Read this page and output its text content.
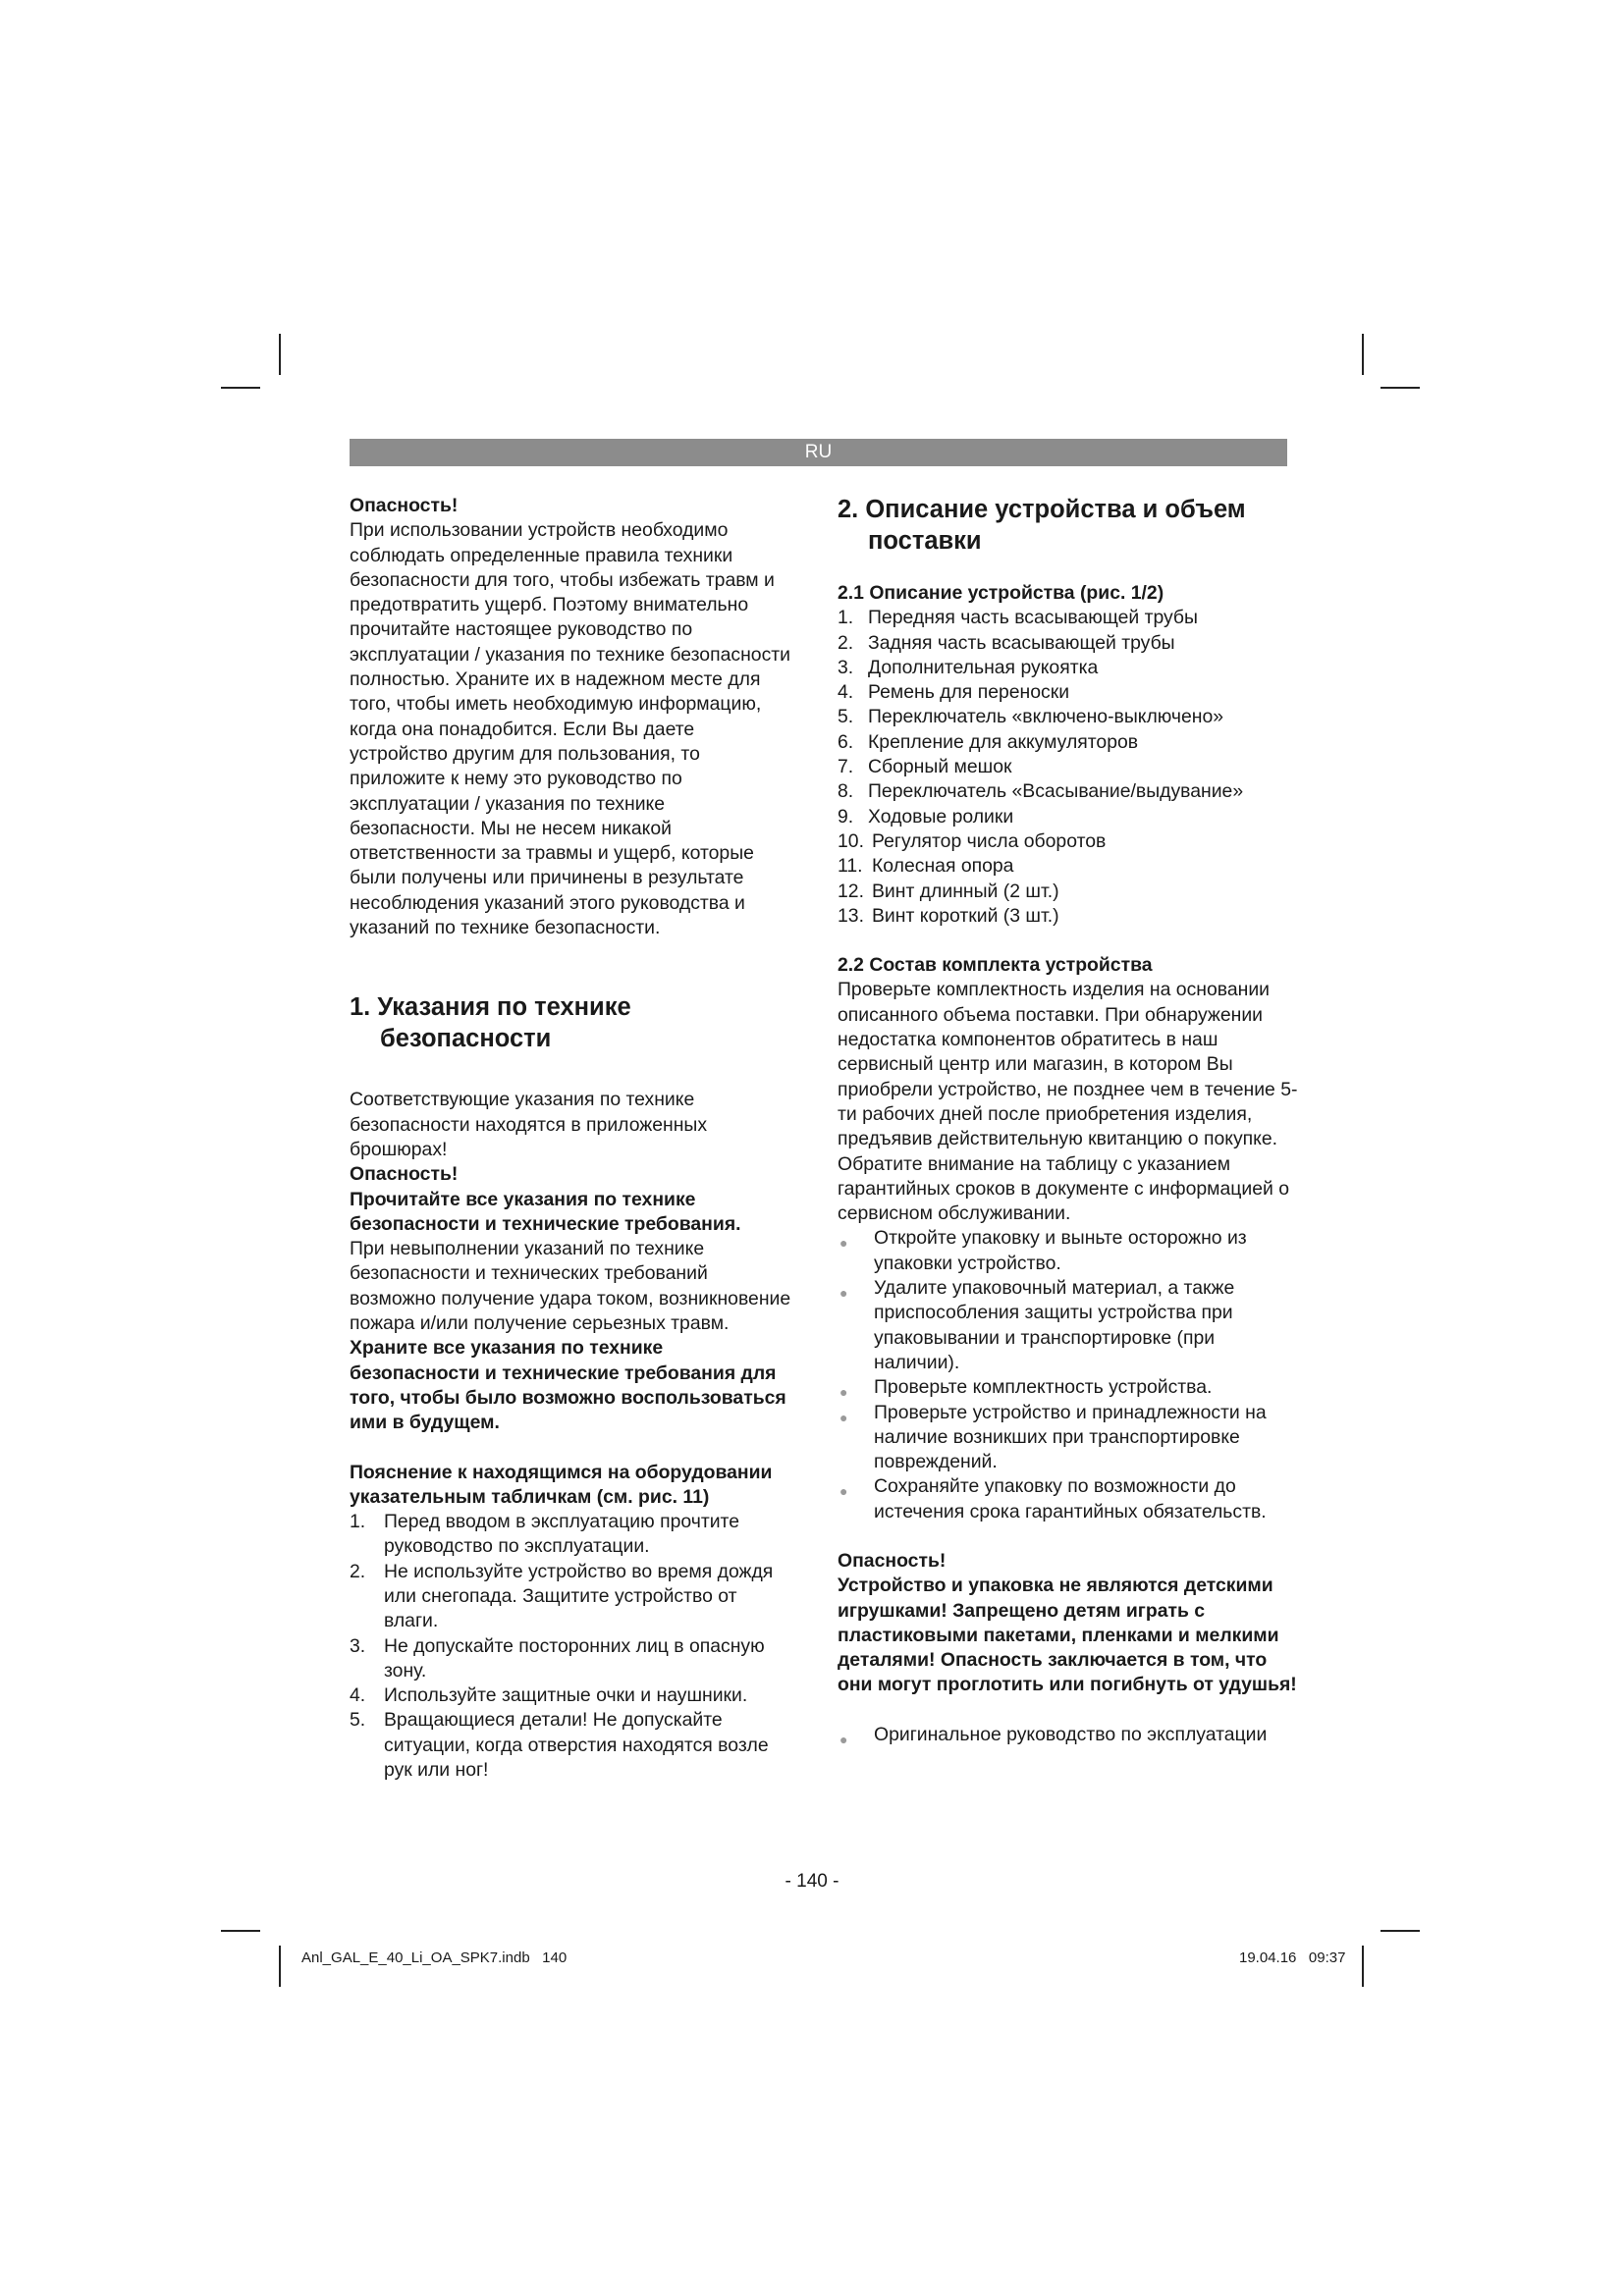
RU

Опасность!

При использовании устройств необходимо соблюдать определенные правила техники безопасности для того, чтобы избежать травм и предотвратить ущерб. Поэтому внимательно прочитайте настоящее руководство по эксплуатации / указания по технике безопасности полностью. Храните их в надежном месте для того, чтобы иметь необходимую информацию, когда она понадобится. Если Вы даете устройство другим для пользования, то приложите к нему это руководство по эксплуатации / указания по технике безопасности. Мы не несем никакой ответственности за травмы и ущерб, которые были получены или причинены в результате несоблюдения указаний этого руководства и указаний по технике безопасности.

1. Указания по технике безопасности

Соответствующие указания по технике безопасности находятся в приложенных брошюрах!

Опасность!

Прочитайте все указания по технике безопасности и технические требования.

При невыполнении указаний по технике безопасности и технических требований возможно получение удара током, возникновение пожара и/или получение серьезных травм. Храните все указания по технике безопасности и технические требования для того, чтобы было возможно воспользоваться ими в будущем.

Пояснение к находящимся на оборудовании указательным табличкам (см. рис. 11)
1. Перед вводом в эксплуатацию прочтите руководство по эксплуатации.
2. Не используйте устройство во время дождя или снегопада. Защитите устройство от влаги.
3. Не допускайте посторонних лиц в опасную зону.
4. Используйте защитные очки и наушники.
5. Вращающиеся детали! Не допускайте ситуации, когда отверстия находятся возле рук или ног!
2. Описание устройства и объем поставки
2.1 Описание устройства (рис. 1/2)
1. Передняя часть всасывающей трубы
2. Задняя часть всасывающей трубы
3. Дополнительная рукоятка
4. Ремень для переноски
5. Переключатель «включено-выключено»
6. Крепление для аккумуляторов
7. Сборный мешок
8. Переключатель «Всасывание/выдувание»
9. Ходовые ролики
10. Регулятор числа оборотов
11. Колесная опора
12. Винт длинный (2 шт.)
13. Винт короткий (3 шт.)
2.2 Состав комплекта устройства

Проверьте комплектность изделия на основании описанного объема поставки. При обнаружении недостатка компонентов обратитесь в наш сервисный центр или магазин, в котором Вы приобрели устройство, не позднее чем в течение 5-ти рабочих дней после приобретения изделия, предъявив действительную квитанцию о покупке. Обратите внимание на таблицу с указанием гарантийных сроков в документе с информацией о сервисном обслуживании.

● Откройте упаковку и выньте осторожно из упаковки устройство.
● Удалите упаковочный материал, а также приспособления защиты устройства при упаковывании и транспортировке (при наличии).
● Проверьте комплектность устройства.
● Проверьте устройство и принадлежности на наличие возникших при транспортировке повреждений.
● Сохраняйте упаковку по возможности до истечения срока гарантийных обязательств.

Опасность!

Устройство и упаковка не являются детскими игрушками! Запрещено детям играть с пластиковыми пакетами, пленками и мелкими деталями! Опасность заключается в том, что они могут проглотить или погибнуть от удушья!

● Оригинальное руководство по эксплуатации
- 140 -
Anl_GAL_E_40_Li_OA_SPK7.indb   140	19.04.16   09:37
